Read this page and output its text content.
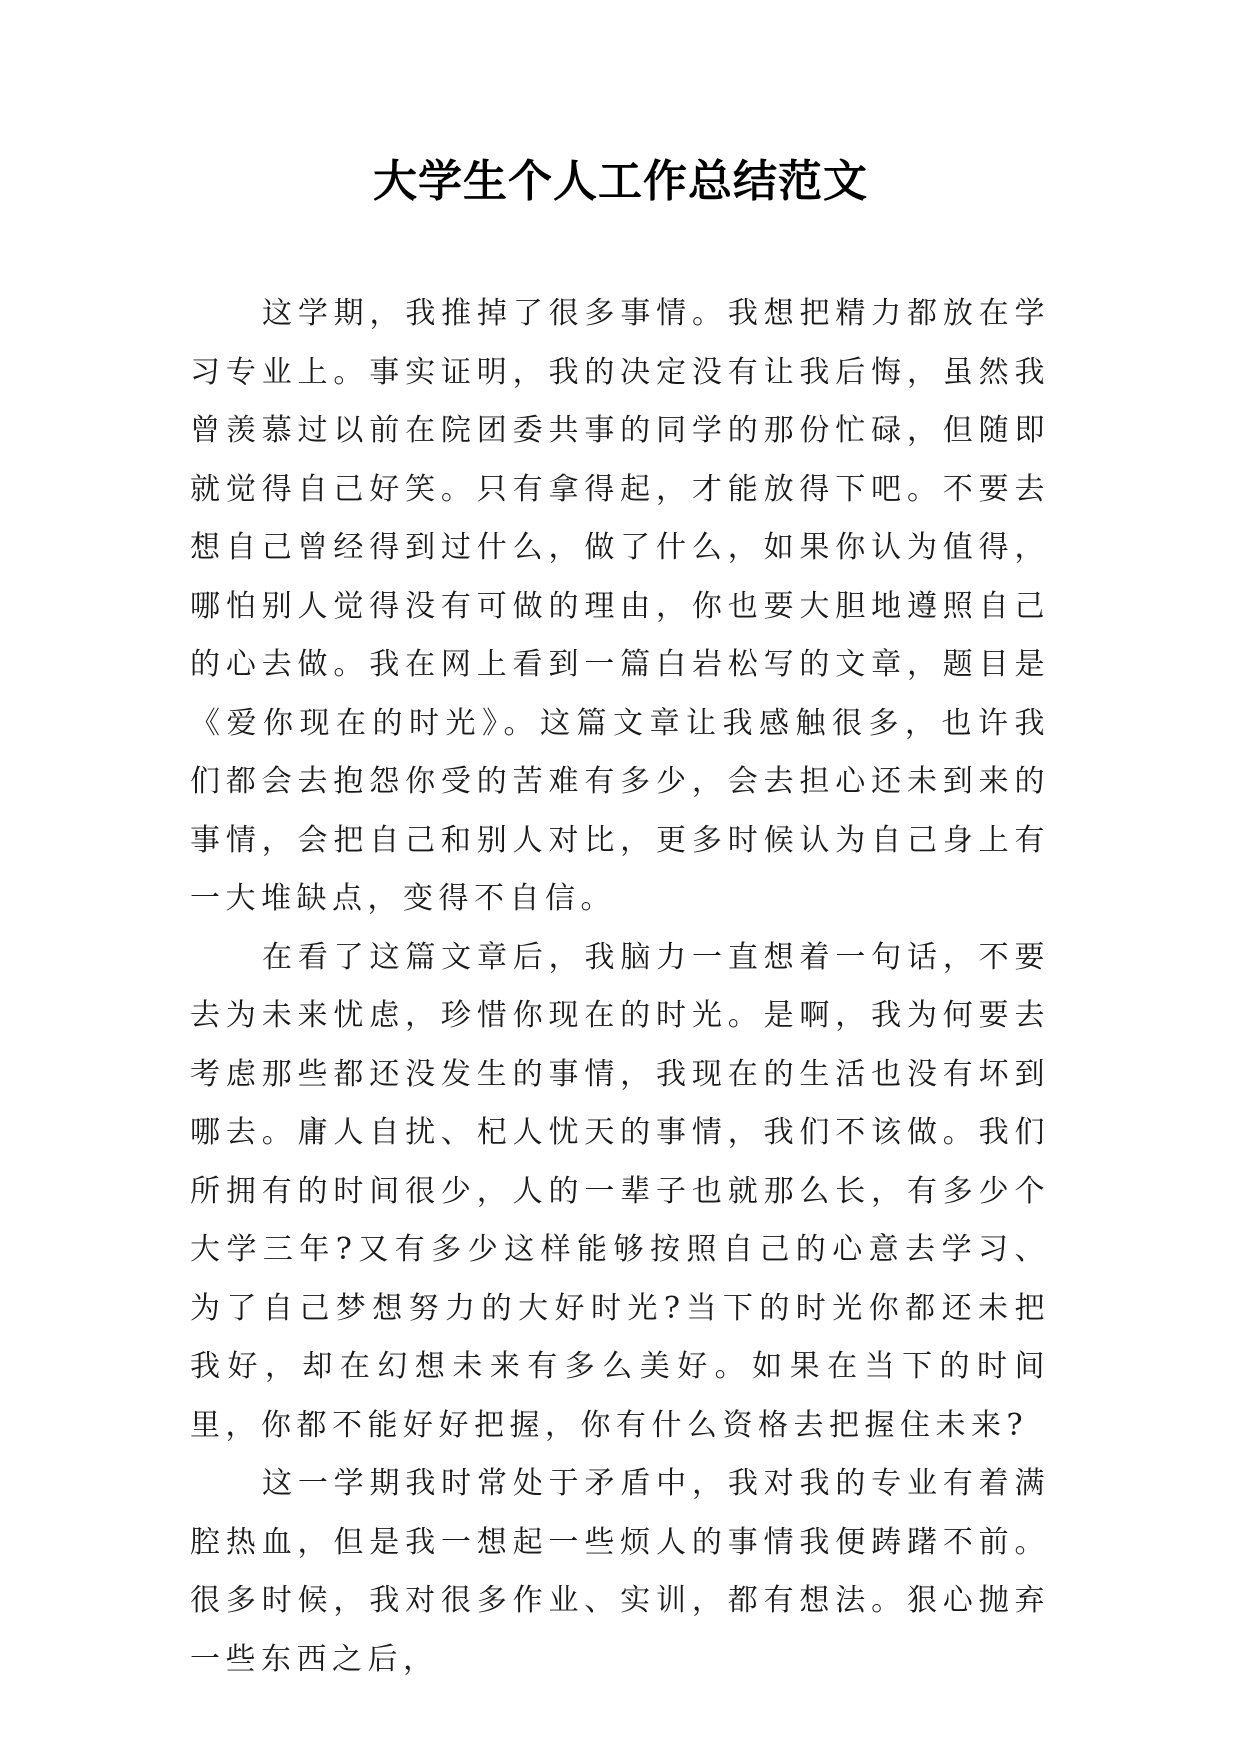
大学生个人工作总结范文

这学期，我推掉了很多事情。我想把精力都放在学习专业上。事实证明，我的决定没有让我后悔，虽然我曾羡慕过以前在院团委共事的同学的那份忙碌，但随即就觉得自己好笑。只有拿得起，才能放得下吧。不要去想自己曾经得到过什么，做了什么，如果你认为值得，哪怕别人觉得没有可做的理由，你也要大胆地遵照自己的心去做。我在网上看到一篇白岩松写的文章，题目是《爱你现在的时光》。这篇文章让我感触很多，也许我们都会去抱怨你受的苦难有多少，会去担心还未到来的事情，会把自己和别人对比，更多时候认为自己身上有一大堆缺点，变得不自信。

在看了这篇文章后，我脑力一直想着一句话，不要去为未来忧虑，珍惜你现在的时光。是啊，我为何要去考虑那些都还没发生的事情，我现在的生活也没有坏到哪去。庸人自扰、杞人忧天的事情，我们不该做。我们所拥有的时间很少，人的一辈子也就那么长，有多少个大学三年?又有多少这样能够按照自己的心意去学习、为了自己梦想努力的大好时光?当下的时光你都还未把我好，却在幻想未来有多么美好。如果在当下的时间里，你都不能好好把握，你有什么资格去把握住未来?

这一学期我时常处于矛盾中，我对我的专业有着满腔热血，但是我一想起一些烦人的事情我便踌躇不前。很多时候，我对很多作业、实训，都有想法。狠心抛弃一些东西之后，
